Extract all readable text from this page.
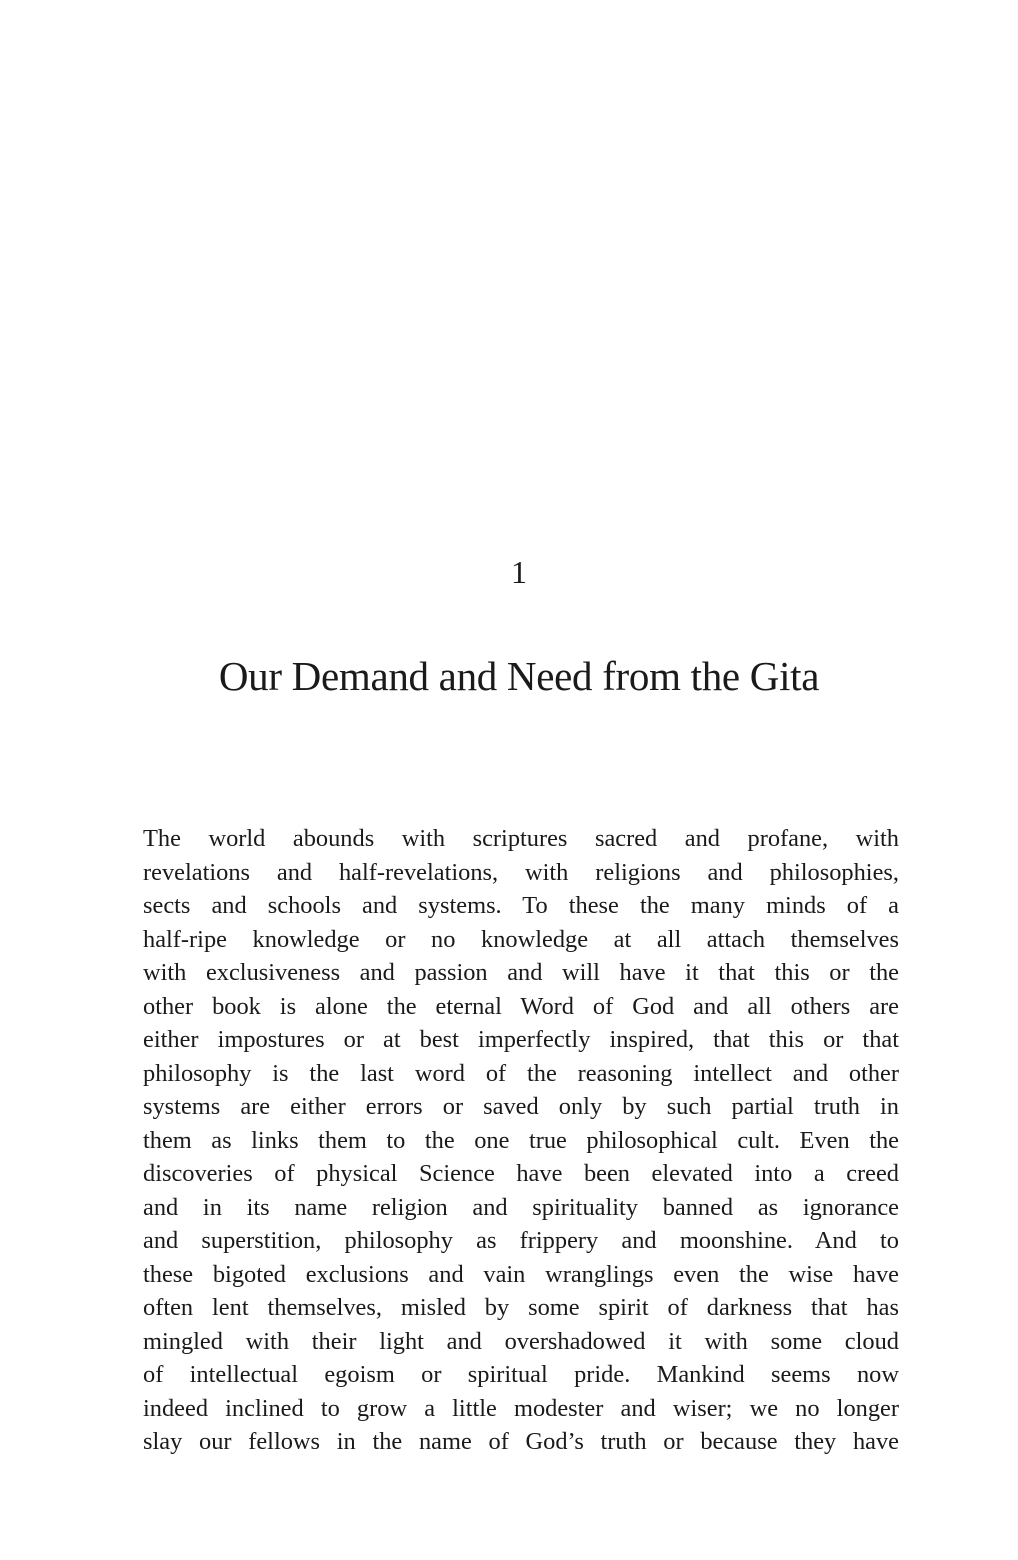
1
Our Demand and Need from the Gita
The world abounds with scriptures sacred and profane, with
revelations and half-revelations, with religions and philosophies,
sects and schools and systems. To these the many minds of a
half-ripe knowledge or no knowledge at all attach themselves
with exclusiveness and passion and will have it that this or the
other book is alone the eternal Word of God and all others are
either impostures or at best imperfectly inspired, that this or that
philosophy is the last word of the reasoning intellect and other
systems are either errors or saved only by such partial truth in
them as links them to the one true philosophical cult. Even the
discoveries of physical Science have been elevated into a creed
and in its name religion and spirituality banned as ignorance
and superstition, philosophy as frippery and moonshine. And to
these bigoted exclusions and vain wranglings even the wise have
often lent themselves, misled by some spirit of darkness that has
mingled with their light and overshadowed it with some cloud
of intellectual egoism or spiritual pride. Mankind seems now
indeed inclined to grow a little modester and wiser; we no longer
slay our fellows in the name of God’s truth or because they have
